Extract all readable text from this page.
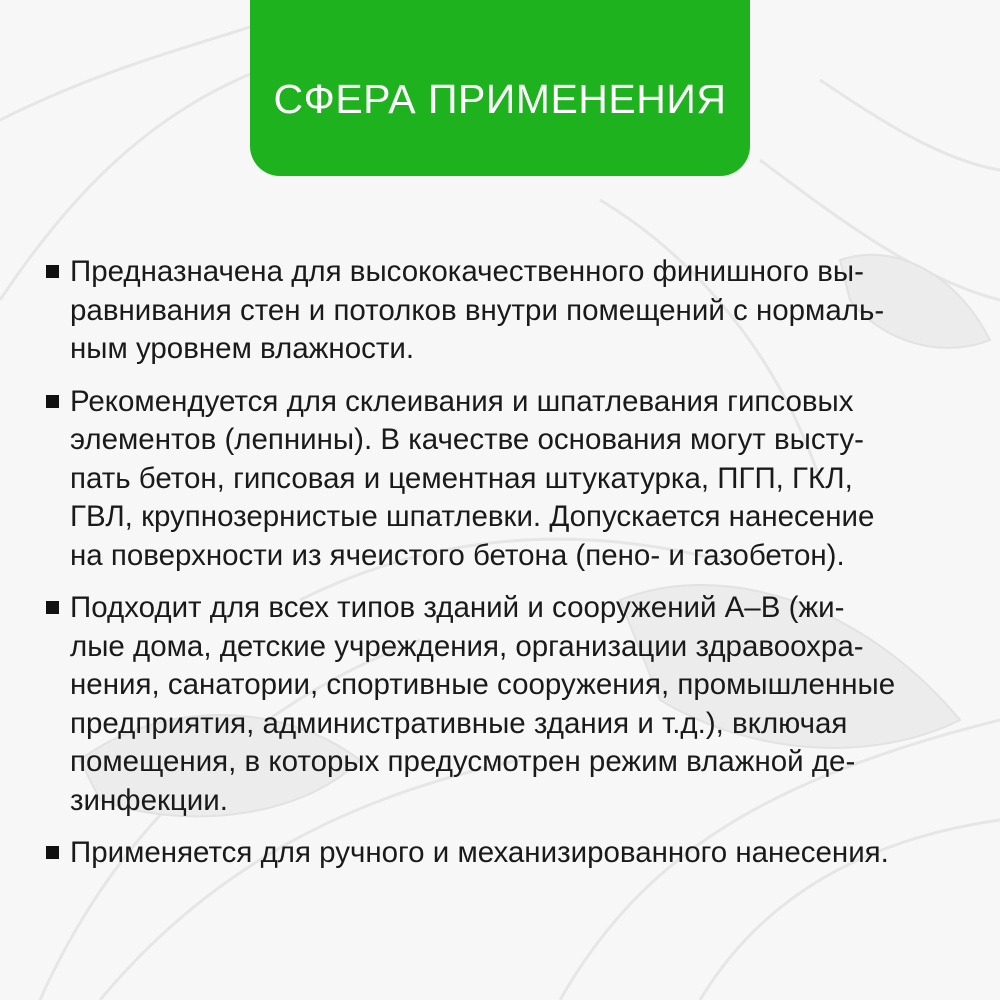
СФЕРА ПРИМЕНЕНИЯ
Предназначена для высококачественного финишного вы-
равнивания стен и потолков внутри помещений с нормаль-
ным уровнем влажности.
Рекомендуется для склеивания и шпатлевания гипсовых
элементов (лепнины). В качестве основания могут высту-
пать бетон, гипсовая и цементная штукатурка, ПГП, ГКЛ,
ГВЛ, крупнозернистые шпатлевки. Допускается нанесение
на поверхности из ячеистого бетона (пено- и газобетон).
Подходит для всех типов зданий и сооружений А–В (жи-
лые дома, детские учреждения, организации здравоохра-
нения, санатории, спортивные сооружения, промышленные
предприятия, административные здания и т.д.), включая
помещения, в которых предусмотрен режим влажной де-
зинфекции.
Применяется для ручного и механизированного нанесения.
